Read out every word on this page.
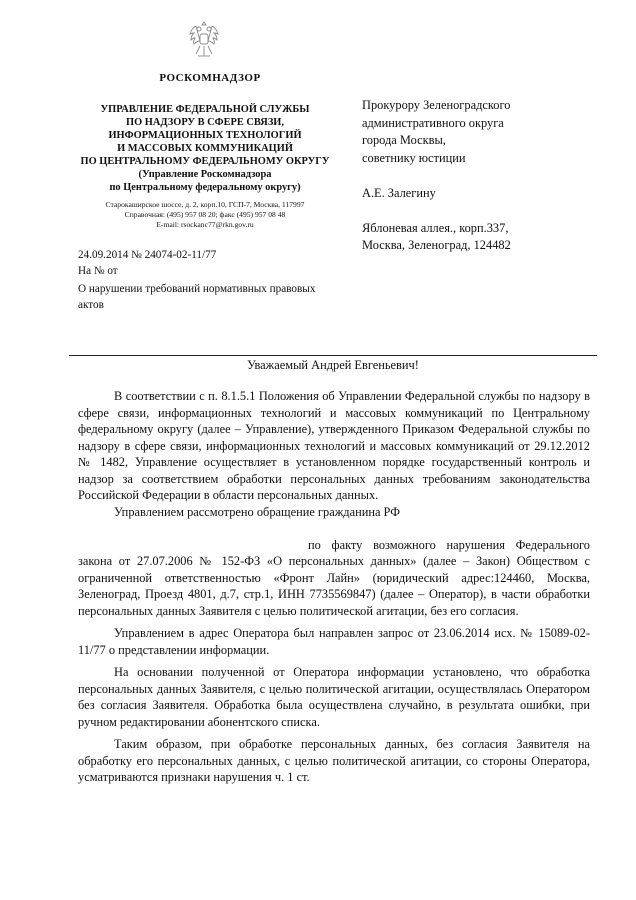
РОСКОМНАДЗОР
УПРАВЛЕНИЕ ФЕДЕРАЛЬНОЙ СЛУЖБЫ
ПО НАДЗОРУ В СФЕРЕ СВЯЗИ,
ИНФОРМАЦИОННЫХ ТЕХНОЛОГИЙ
И МАССОВЫХ КОММУНИКАЦИЙ
ПО ЦЕНТРАЛЬНОМУ ФЕДЕРАЛЬНОМУ ОКРУГУ
(Управление Роскомнадзора
по Центральному федеральному округу)
Старокаширское шоссе, д. 2, корп.10, ГСП-7, Москва, 117997
Справочная: (495) 957 08 20; факс (495) 957 08 48
E-mail: rsockanc77@rkn.gov.ru
24.09.2014 № 24074-02-11/77
На № от
О нарушении требований нормативных правовых актов
Прокурору Зеленоградского
административного округа
города Москвы,
советнику юстиции
А.Е. Залегину
Яблоневая аллея., корп.337,
Москва, Зеленоград, 124482
Уважаемый Андрей Евгеньевич!

В соответствии с п. 8.1.5.1 Положения об Управлении Федеральной службы по надзору в сфере связи, информационных технологий и массовых коммуникаций по Центральному федеральному округу (далее – Управление), утвержденного Приказом Федеральной службы по надзору в сфере связи, информационных технологий и массовых коммуникаций от 29.12.2012 № 1482, Управление осуществляет в установленном порядке государственный контроль и надзор за соответствием обработки персональных данных требованиям законодательства Российской Федерации в области персональных данных.

Управлением рассмотрено обращение гражданина РФ

по факту возможного нарушения Федерального закона от 27.07.2006 № 152-ФЗ «О персональных данных» (далее – Закон) Обществом с ограниченной ответственностью «Фронт Лайн» (юридический адрес:124460, Москва, Зеленоград, Проезд 4801, д.7, стр.1, ИНН 7735569847) (далее – Оператор), в части обработки персональных данных Заявителя с целью политической агитации, без его согласия.

Управлением в адрес Оператора был направлен запрос от 23.06.2014 исх. № 15089-02-11/77 о представлении информации.

На основании полученной от Оператора информации установлено, что обработка персональных данных Заявителя, с целью политической агитации, осуществлялась Оператором без согласия Заявителя. Обработка была осуществлена случайно, в результата ошибки, при ручном редактировании абонентского списка.

Таким образом, при обработке персональных данных, без согласия Заявителя на обработку его персональных данных, с целью политической агитации, со стороны Оператора, усматриваются признаки нарушения ч. 1 ст.
